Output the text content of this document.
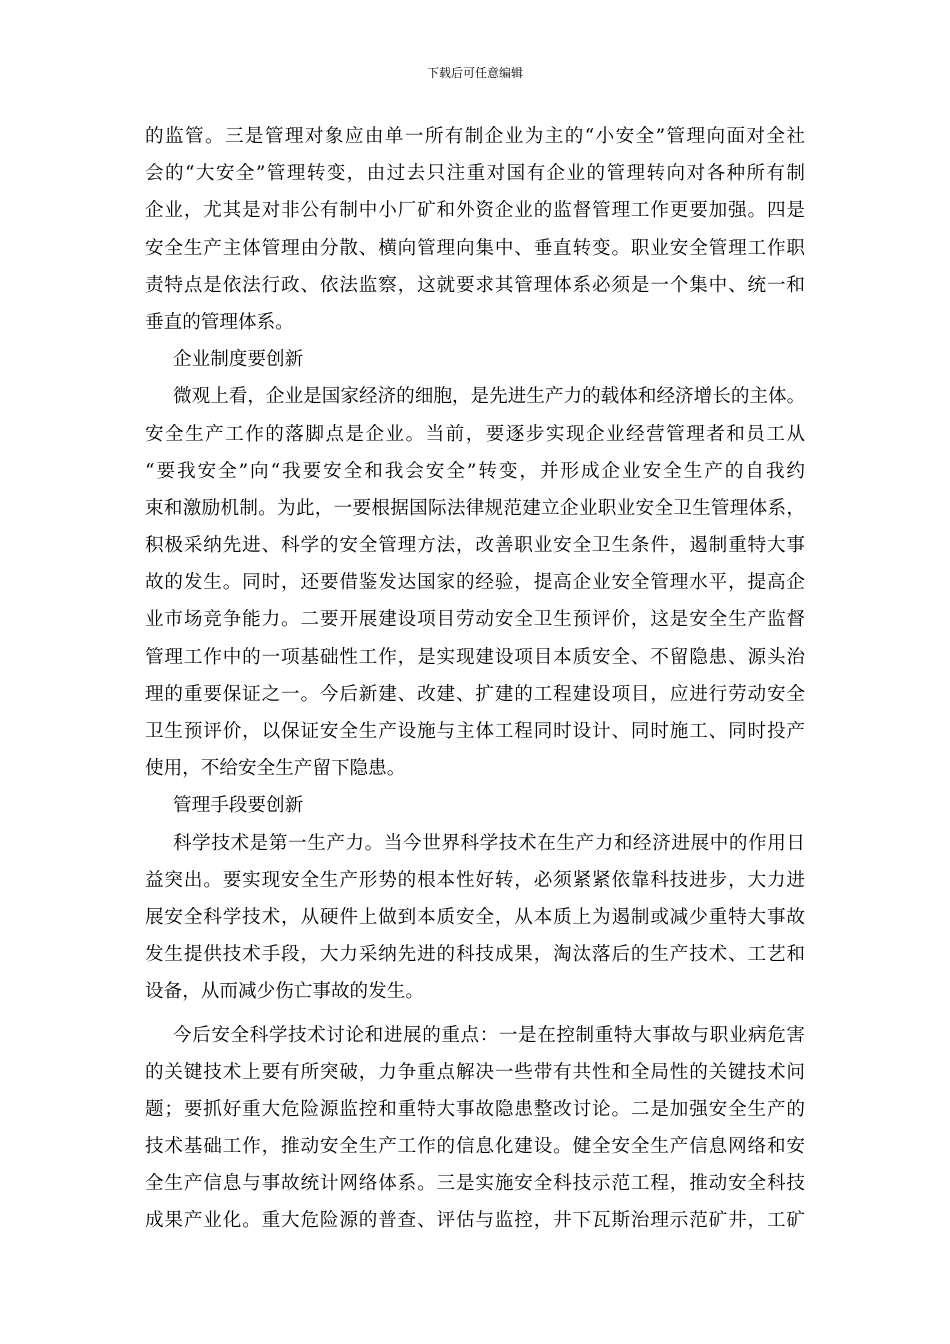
下载后可任意编辑
的监管。三是管理对象应由单一所有制企业为主的“小安全”管理向面对全社
会的“大安全”管理转变，由过去只注重对国有企业的管理转向对各种所有制
企业，尤其是对非公有制中小厂矿和外资企业的监督管理工作更要加强。四是
安全生产主体管理由分散、横向管理向集中、垂直转变。职业安全管理工作职
责特点是依法行政、依法监察，这就要求其管理体系必须是一个集中、统一和
垂直的管理体系。
企业制度要创新
微观上看，企业是国家经济的细胞，是先进生产力的载体和经济增长的主体。
安全生产工作的落脚点是企业。当前，要逐步实现企业经营管理者和员工从
“要我安全”向“我要安全和我会安全”转变，并形成企业安全生产的自我约
束和激励机制。为此，一要根据国际法律规范建立企业职业安全卫生管理体系，
积极采纳先进、科学的安全管理方法，改善职业安全卫生条件，遏制重特大事
故的发生。同时，还要借鉴发达国家的经验，提高企业安全管理水平，提高企
业市场竞争能力。二要开展建设项目劳动安全卫生预评价，这是安全生产监督
管理工作中的一项基础性工作，是实现建设项目本质安全、不留隐患、源头治
理的重要保证之一。今后新建、改建、扩建的工程建设项目，应进行劳动安全
卫生预评价，以保证安全生产设施与主体工程同时设计、同时施工、同时投产
使用，不给安全生产留下隐患。
管理手段要创新
科学技术是第一生产力。当今世界科学技术在生产力和经济进展中的作用日
益突出。要实现安全生产形势的根本性好转，必须紧紧依靠科技进步，大力进
展安全科学技术，从硬件上做到本质安全，从本质上为遏制或减少重特大事故
发生提供技术手段，大力采纳先进的科技成果，淘汰落后的生产技术、工艺和
设备，从而减少伤亡事故的发生。
今后安全科学技术讨论和进展的重点：一是在控制重特大事故与职业病危害
的关键技术上要有所突破，力争重点解决一些带有共性和全局性的关键技术问
题；要抓好重大危险源监控和重特大事故隐患整改讨论。二是加强安全生产的
技术基础工作，推动安全生产工作的信息化建设。健全安全生产信息网络和安
全生产信息与事故统计网络体系。三是实施安全科技示范工程，推动安全科技
成果产业化。重大危险源的普查、评估与监控，井下瓦斯治理示范矿井，工矿
